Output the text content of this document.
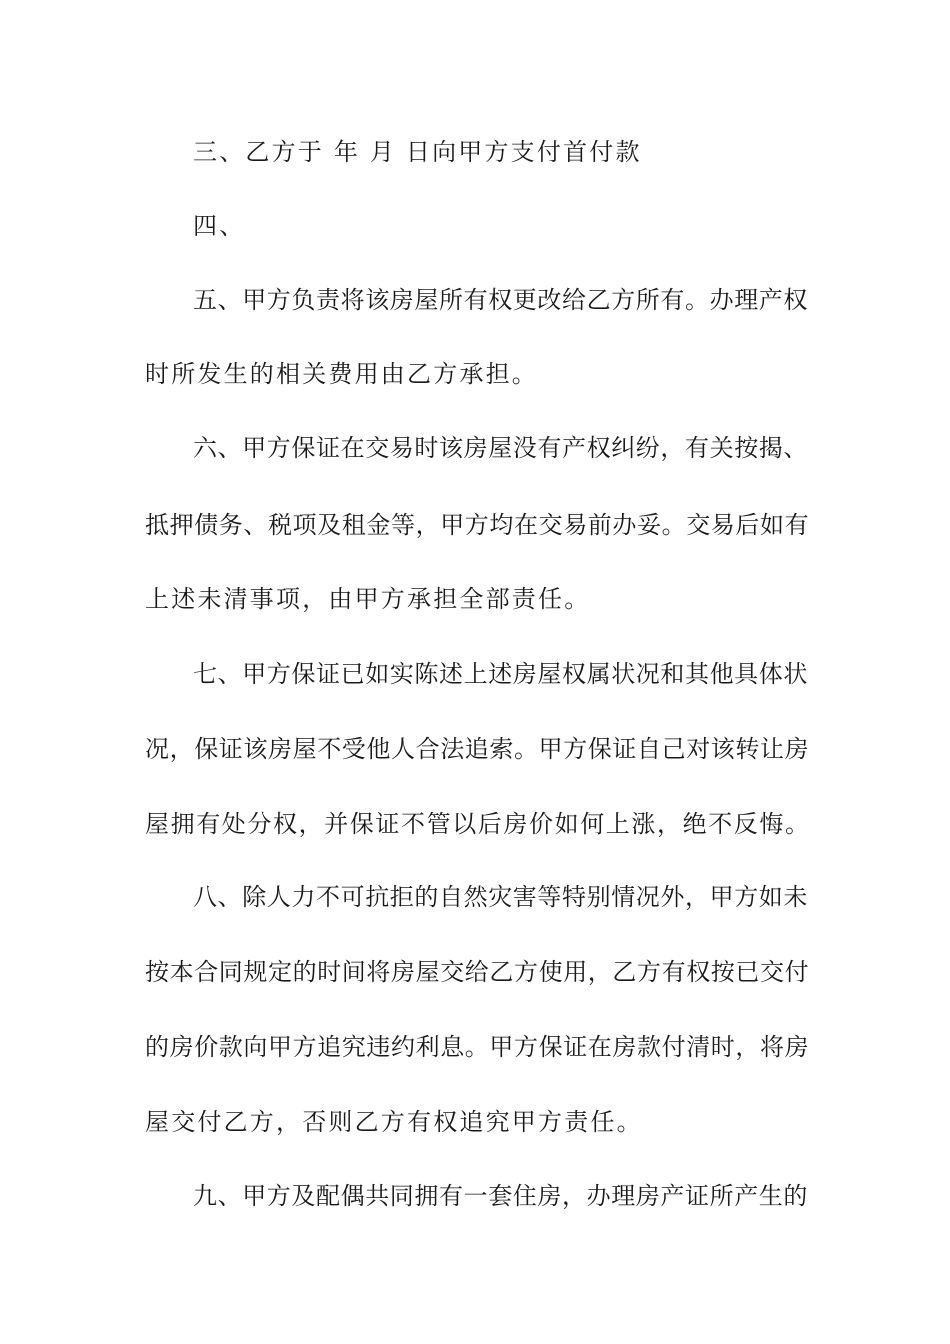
三、乙方于 年 月 日向甲方支付首付款
四、
五、甲方负责将该房屋所有权更改给乙方所有。办理产权
时所发生的相关费用由乙方承担。
六、甲方保证在交易时该房屋没有产权纠纷，有关按揭、
抵押债务、税项及租金等，甲方均在交易前办妥。交易后如有
上述未清事项，由甲方承担全部责任。
七、甲方保证已如实陈述上述房屋权属状况和其他具体状
况，保证该房屋不受他人合法追索。甲方保证自己对该转让房
屋拥有处分权，并保证不管以后房价如何上涨，绝不反悔。
八、除人力不可抗拒的自然灾害等特别情况外，甲方如未
按本合同规定的时间将房屋交给乙方使用，乙方有权按已交付
的房价款向甲方追究违约利息。甲方保证在房款付清时，将房
屋交付乙方，否则乙方有权追究甲方责任。
九、甲方及配偶共同拥有一套住房，办理房产证所产生的
